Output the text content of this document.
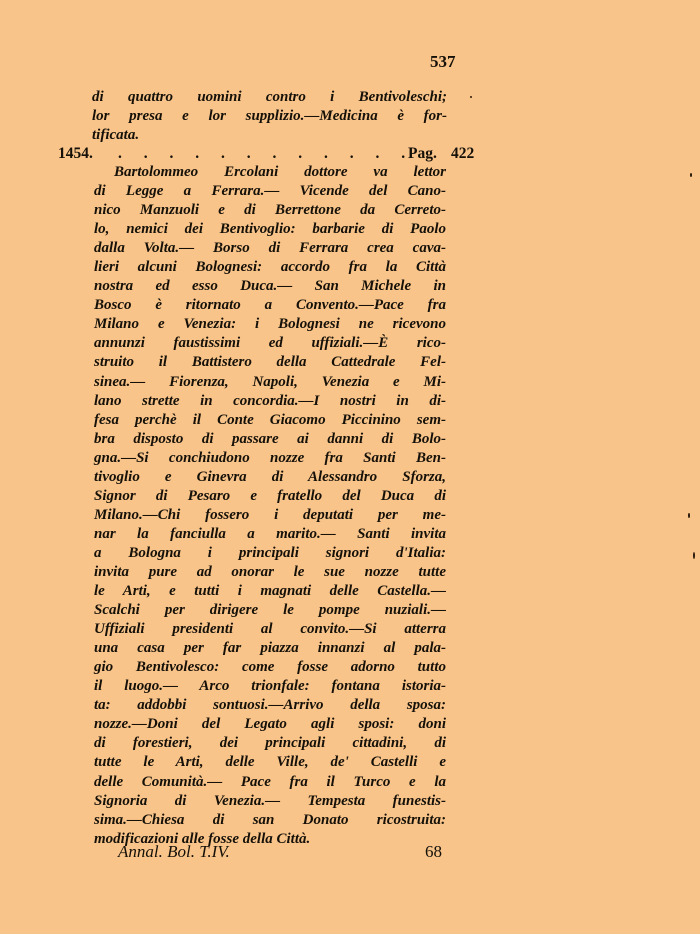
537
di quattro uomini contro i Bentivoleschi;
lor presa e lor supplizio.—Medicina è for-
tificata.
1454. . . . . . . . . . . . .
Pag. 422
Bartolommeo Ercolani dottore va lettor
di Legge a Ferrara.— Vicende del Cano-
nico Manzuoli e di Berrettone da Cerreto-
lo, nemici dei Bentivoglio: barbarie di Paolo
dalla Volta.— Borso di Ferrara crea cava-
lieri alcuni Bolognesi: accordo fra la Città
nostra ed esso Duca.— San Michele in
Bosco è ritornato a Convento.—Pace fra
Milano e Venezia: i Bolognesi ne ricevono
annunzi faustissimi ed uffiziali.—È rico-
struito il Battistero della Cattedrale Fel-
sinea.— Fiorenza, Napoli, Venezia e Mi-
lano strette in concordia.—I nostri in di-
fesa perchè il Conte Giacomo Piccinino sem-
bra disposto di passare ai danni di Bolo-
gna.—Si conchiudono nozze fra Santi Ben-
tivoglio e Ginevra di Alessandro Sforza,
Signor di Pesaro e fratello del Duca di
Milano.—Chi fossero i deputati per me-
nar la fanciulla a marito.— Santi invita
a Bologna i principali signori d'Italia:
invita pure ad onorar le sue nozze tutte
le Arti, e tutti i magnati delle Castella.—
Scalchi per dirigere le pompe nuziali.—
Uffiziali presidenti al convito.—Si atterra
una casa per far piazza innanzi al pala-
gio Bentivolesco: come fosse adorno tutto
il luogo.— Arco trionfale: fontana istoria-
ta: addobbi sontuosi.—Arrivo della sposa:
nozze.—Doni del Legato agli sposi: doni
di forestieri, dei principali cittadini, di
tutte le Arti, delle Ville, de' Castelli e
delle Comunità.— Pace fra il Turco e la
Signoria di Venezia.— Tempesta funestis-
sima.—Chiesa di san Donato ricostruita:
modificazioni alle fosse della Città.
Annal. Bol. T.IV.	68
